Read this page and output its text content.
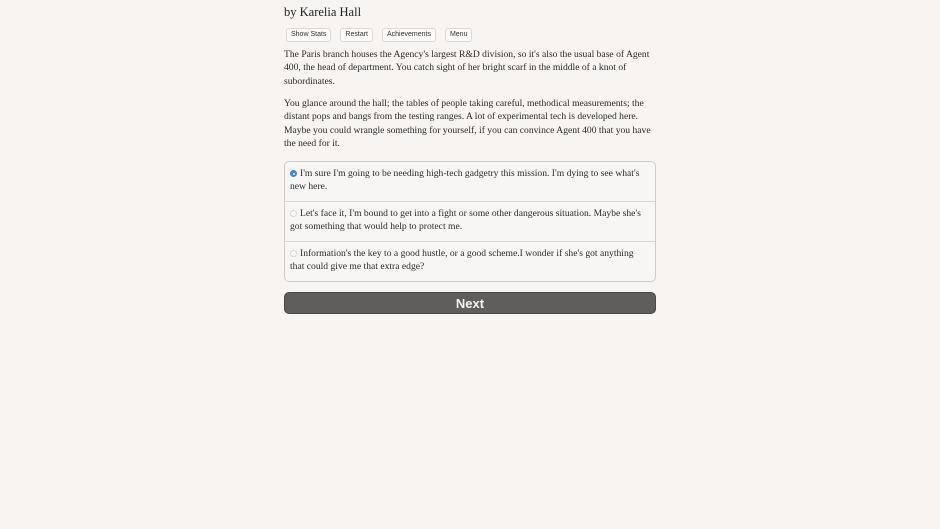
by Karelia Hall

Show Stats	Restart	Achievements	Menu

The Paris branch houses the Agency's largest R&D division, so it's also the usual base of Agent 400, the head of department. You catch sight of her bright scarf in the middle of a knot of subordinates.

You glance around the hall; the tables of people taking careful, methodical measurements; the distant pops and bangs from the testing ranges. A lot of experimental tech is developed here. Maybe you could wrangle something for yourself, if you can convince Agent 400 that you have the need for it.

I'm sure I'm going to be needing high-tech gadgetry this mission. I'm dying to see what's new here.
Let's face it, I'm bound to get into a fight or some other dangerous situation. Maybe she's got something that would help to protect me.
Information's the key to a good hustle, or a good scheme.I wonder if she's got anything that could give me that extra edge?
Next
